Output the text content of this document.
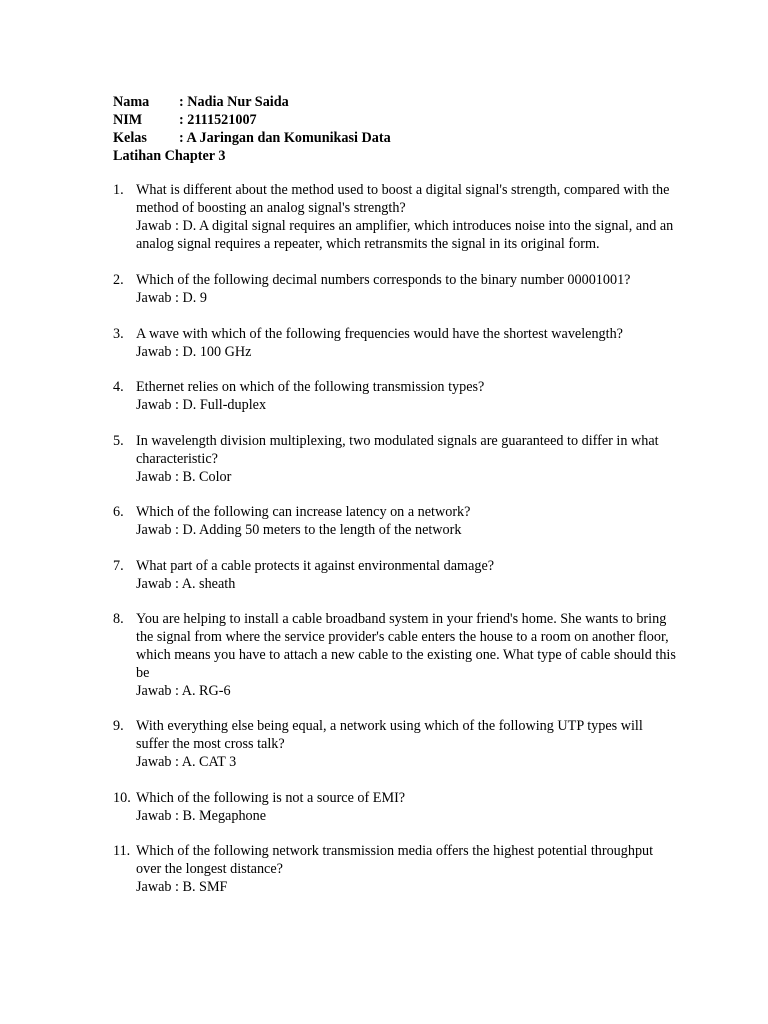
Nama : Nadia Nur Saida
NIM	: 2111521007
Kelas : A Jaringan dan Komunikasi Data
Latihan Chapter 3
1. What is different about the method used to boost a digital signal's strength, compared with the method of boosting an analog signal's strength?
Jawab : D. A digital signal requires an amplifier, which introduces noise into the signal, and an analog signal requires a repeater, which retransmits the signal in its original form.
2. Which of the following decimal numbers corresponds to the binary number 00001001?
Jawab : D. 9
3. A wave with which of the following frequencies would have the shortest wavelength?
Jawab : D. 100 GHz
4. Ethernet relies on which of the following transmission types?
Jawab : D. Full-duplex
5. In wavelength division multiplexing, two modulated signals are guaranteed to differ in what characteristic?
Jawab : B. Color
6. Which of the following can increase latency on a network?
Jawab : D. Adding 50 meters to the length of the network
7. What part of a cable protects it against environmental damage?
Jawab : A. sheath
8. You are helping to install a cable broadband system in your friend's home. She wants to bring the signal from where the service provider's cable enters the house to a room on another floor, which means you have to attach a new cable to the existing one. What type of cable should this be
Jawab : A. RG-6
9. With everything else being equal, a network using which of the following UTP types will suffer the most cross talk?
Jawab : A. CAT 3
10. Which of the following is not a source of EMI?
Jawab : B. Megaphone
11. Which of the following network transmission media offers the highest potential throughput over the longest distance?
Jawab : B. SMF
